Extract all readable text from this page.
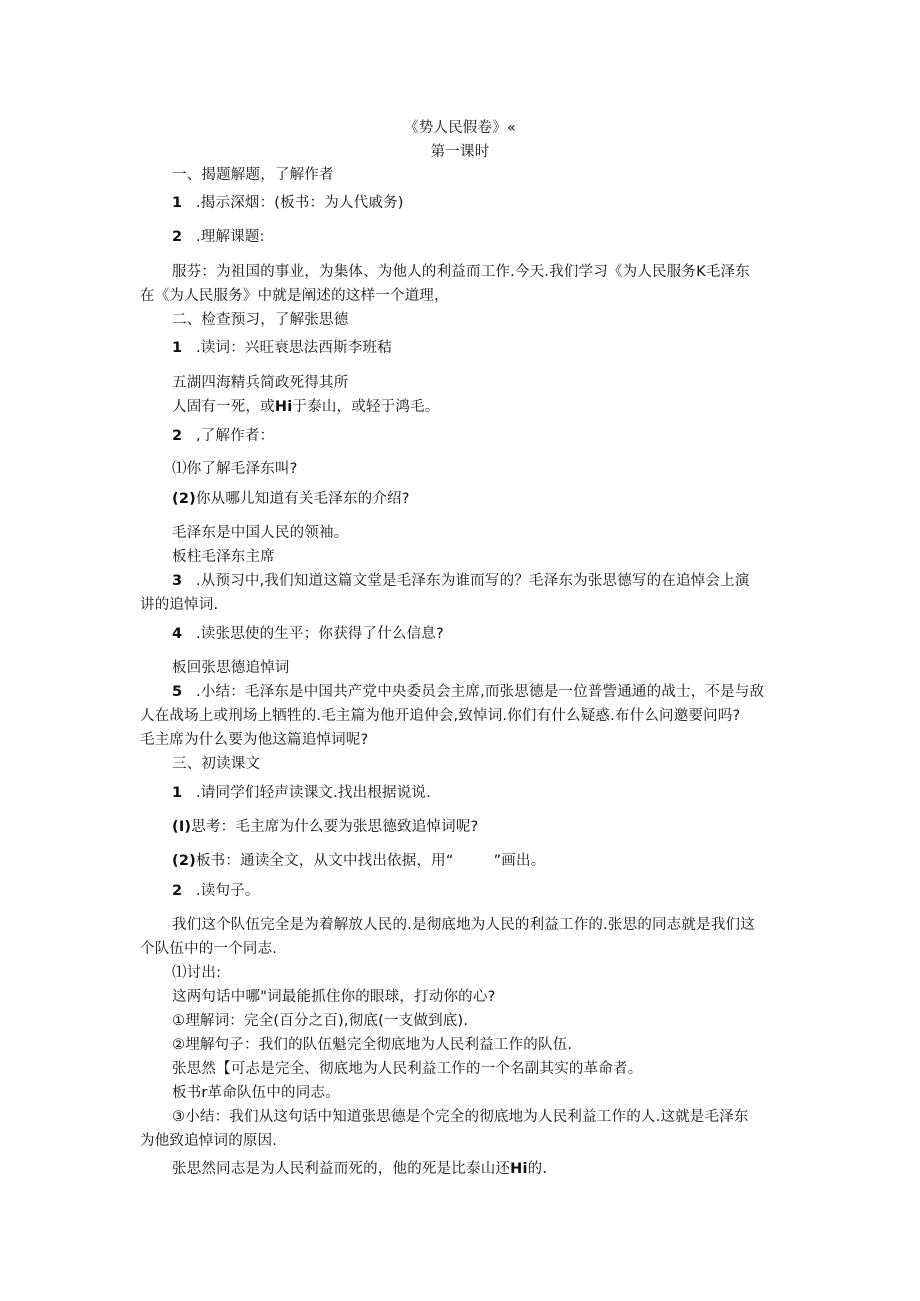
《势人民假卷》«
第一课时
一、揭题解题，了解作者
1 .揭示深烟：(板书：为人代戚务)
2 .理解课题:
服芬：为祖国的事业，为集体、为他人的利益而工作.今天.我们学习《为人民服务K毛泽东
在《为人民服务》中就是阐述的这样一个道理，
二、检查预习，了解张思德
1 .读词：兴旺衰思法西斯李班秸
五湖四海精兵简政死得其所
人固有一死，或Hi于泰山，或轻于鸿毛。
2 ,了解作者：
⑴你了解毛泽东叫?
(2)你从哪儿知道有关毛泽东的介绍?
毛泽东是中国人民的领袖。
板柱毛泽东主席
3 .从预习中,我们知道这篇文堂是毛泽东为谁而写的？毛泽东为张思德写的在追悼会上演
讲的追悼词.
4 .读张思使的生平；你获得了什么信息?
板回张思德追悼词
5 .小结：毛泽东是中国共产党中央委员会主席,而张思德是一位普訾通通的战士，不是与敌
人在战场上或刑场上牺牲的.毛主篇为他开追仲会,致悼词.你们有什么疑惑.布什么问邀要问吗?
毛主席为什么要为他这篇追悼词呢?
三、初读课文
1 .请同学们轻声读课文.找出根据说说.
(I)思考：毛主席为什么要为张思德致追悼词呢?
(2)板书：通读全文，从文中找出依据，用“	”画出。
2 .读句子。
我们这个队伍完全是为着解放人民的.是彻底地为人民的利益工作的.张思的同志就是我们这
个队伍中的一个同志.
⑴讨出:
这两句话中哪"词最能抓住你的眼球，打动你的心?
①理解词：完全(百分之百),彻底(一支做到底).
②埋解句子：我们的队伍魁完全彻底地为人民利益工作的队伍.
张思然【可忐是完全、彻底地为人民利益工作的一个名副其实的革命者。
板书r革命队伍中的同志。
③小结：我们从这句话中知道张思德是个完全的彻底地为人民利益工作的人.这就是毛泽东
为他致追悼词的原因.
张思然同志是为人民利益而死的，他的死是比泰山还Hi的.
